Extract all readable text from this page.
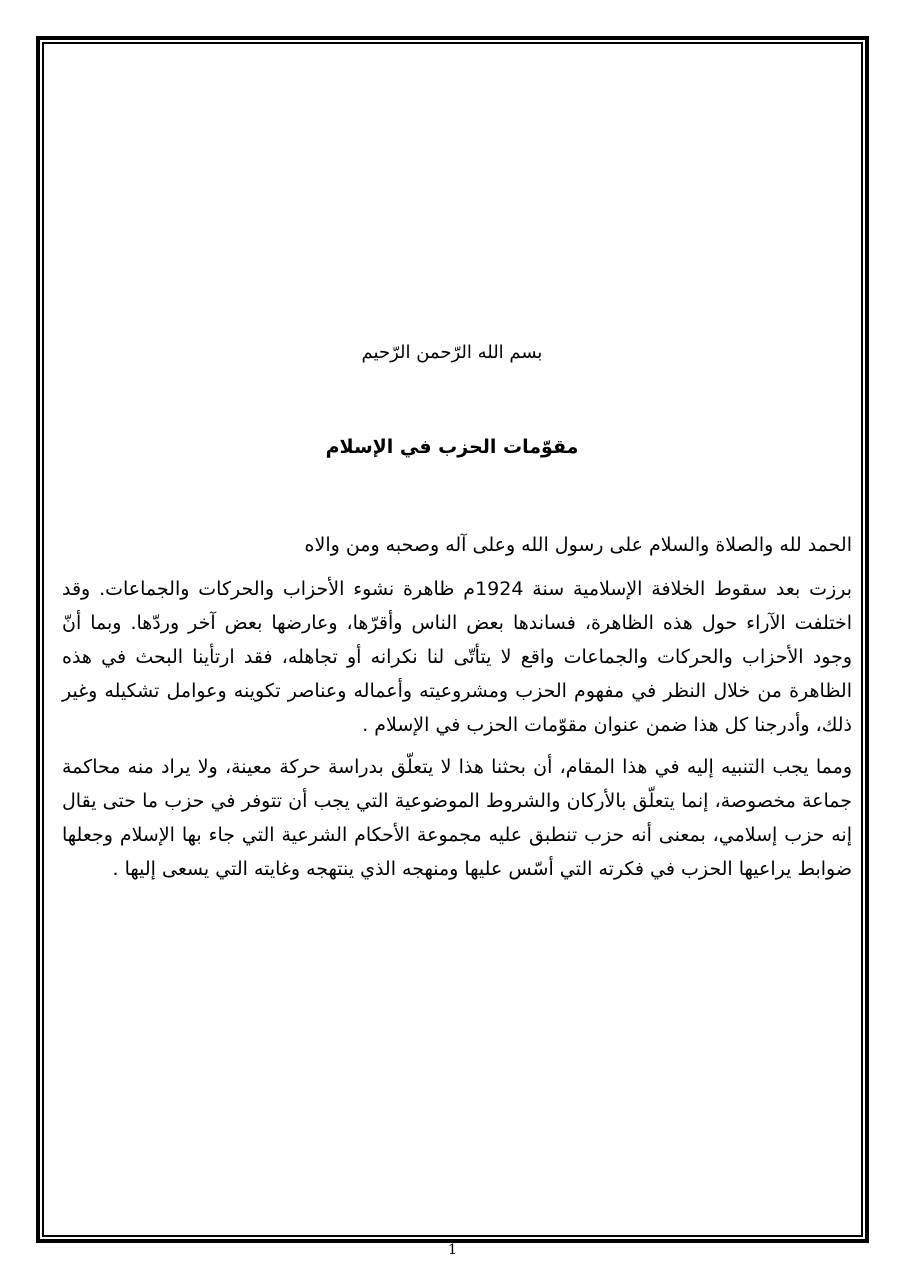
بسم الله الرّحمن الرّحيم
مقوّمات الحزب في الإسلام

الحمد لله والصلاة والسلام على رسول الله وعلى آله وصحبه ومن والاه

برزت بعد سقوط الخلافة الإسلامية سنة 1924م ظاهرة نشوء الأحزاب والحركات والجماعات. وقد اختلفت الآراء حول هذه الظاهرة، فساندها بعض الناس وأقرّها، وعارضها بعض آخر وردّها. وبما أنّ وجود الأحزاب والحركات والجماعات واقع لا يتأتّى لنا نكرانه أو تجاهله، فقد ارتأينا البحث في هذه الظاهرة من خلال النظر في مفهوم الحزب ومشروعيته وأعماله وعناصر تكوينه وعوامل تشكيله وغير ذلك، وأدرجنا كل هذا ضمن عنوان مقوّمات الحزب في الإسلام .

ومما يجب التنبيه إليه في هذا المقام، أن بحثنا هذا لا يتعلّق بدراسة حركة معينة، ولا يراد منه محاكمة جماعة مخصوصة، إنما يتعلّق بالأركان والشروط الموضوعية التي يجب أن تتوفر في حزب ما حتى يقال إنه حزب إسلامي، بمعنى أنه حزب تنطبق عليه مجموعة الأحكام الشرعية التي جاء بها الإسلام وجعلها ضوابط يراعيها الحزب في فكرته التي أسّس عليها ومنهجه الذي ينتهجه وغايته التي يسعى إليها .

1
